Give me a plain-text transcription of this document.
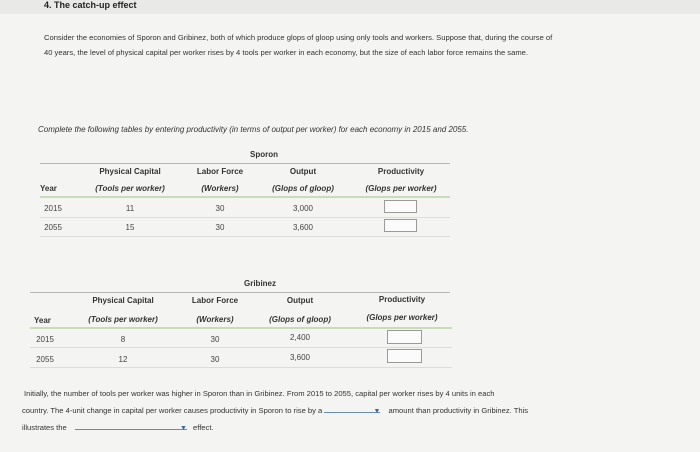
4. The catch-up effect
Consider the economies of Sporon and Gribinez, both of which produce glops of gloop using only tools and workers. Suppose that, during the course of
40 years, the level of physical capital per worker rises by 4 tools per worker in each economy, but the size of each labor force remains the same.
Complete the following tables by entering productivity (in terms of output per worker) for each economy in 2015 and 2055.
Sporon
Physical Capital	Labor Force	Output	Productivity
Year	(Tools per worker)	(Workers)	(Glops of gloop)	(Glops per worker)
2015	11	30	3,000
2055	15	30	3,600
Gribinez
Physical Capital	Labor Force	Output	Productivity
Year	(Tools per worker)	(Workers)	(Glops of gloop)	(Glops per worker)
2015	8	30	2,400
2055	12	30	3,600
Initially, the number of tools per worker was higher in Sporon than in Gribinez. From 2015 to 2055, capital per worker rises by 4 units in each
country. The 4-unit change in capital per worker causes productivity in Sporon to rise by a	▼ amount than productivity in Gribinez. This
illustrates the	▼ effect.
